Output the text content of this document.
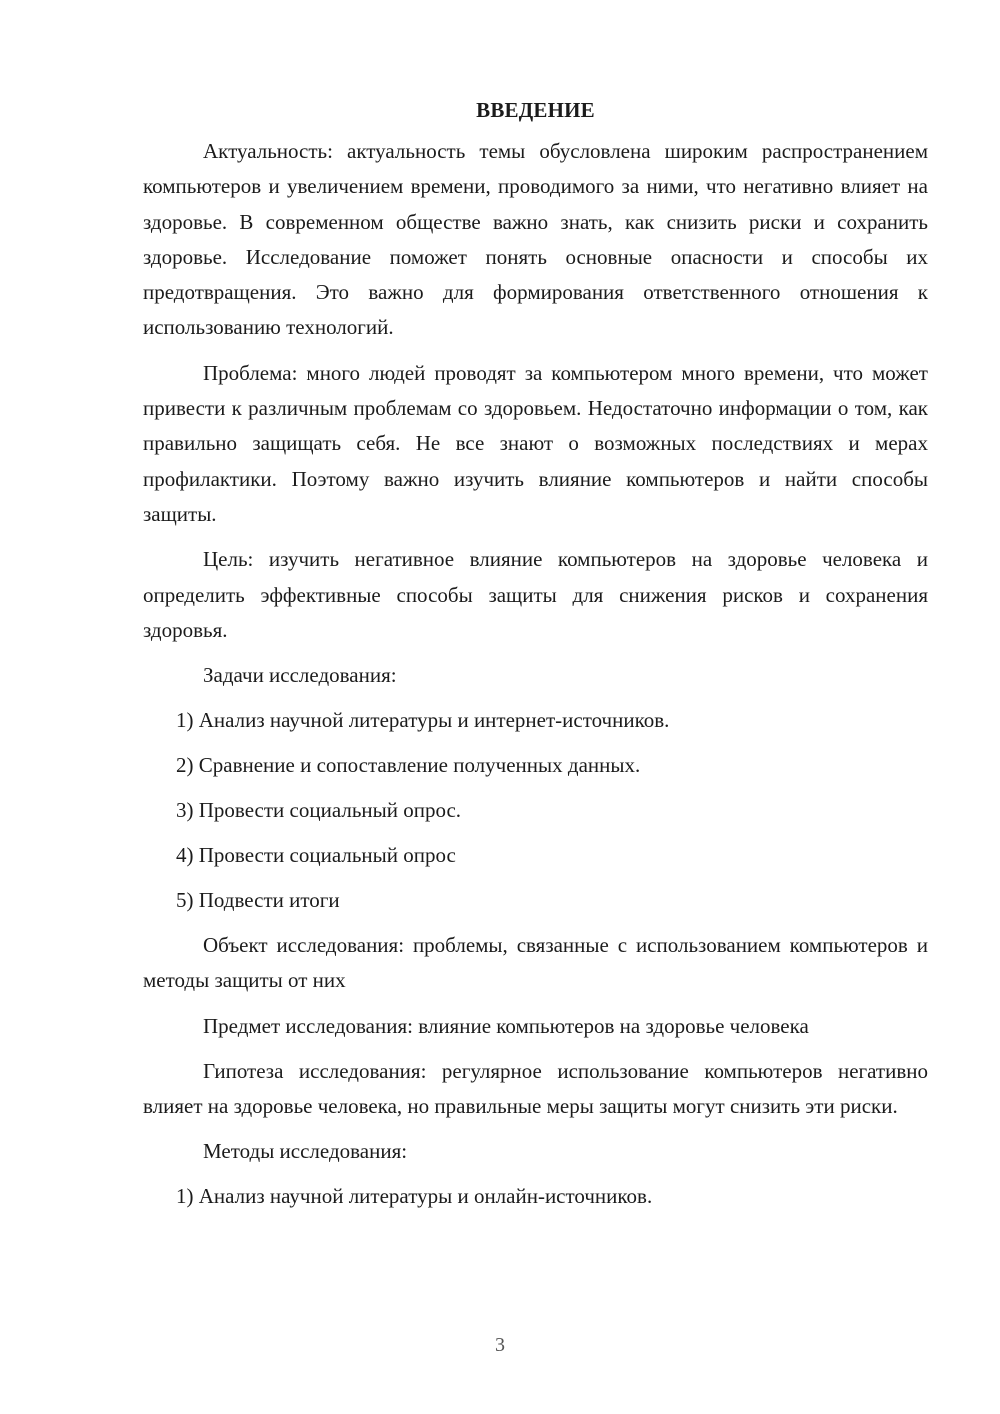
ВВЕДЕНИЕ

Актуальность: актуальность темы обусловлена широким распространением компьютеров и увеличением времени, проводимого за ними, что негативно влияет на здоровье. В современном обществе важно знать, как снизить риски и сохранить здоровье. Исследование поможет понять основные опасности и способы их предотвращения. Это важно для формирования ответственного отношения к использованию технологий.

Проблема: много людей проводят за компьютером много времени, что может привести к различным проблемам со здоровьем. Недостаточно информации о том, как правильно защищать себя. Не все знают о возможных последствиях и мерах профилактики. Поэтому важно изучить влияние компьютеров и найти способы защиты.

Цель: изучить негативное влияние компьютеров на здоровье человека и определить эффективные способы защиты для снижения рисков и сохранения здоровья.

Задачи исследования:
1) Анализ научной литературы и интернет-источников.
2) Сравнение и сопоставление полученных данных.
3) Провести социальный опрос.
4) Провести социальный опрос
5) Подвести итоги

Объект исследования: проблемы, связанные с использованием компьютеров и методы защиты от них

Предмет исследования: влияние компьютеров на здоровье человека

Гипотеза исследования: регулярное использование компьютеров негативно влияет на здоровье человека, но правильные меры защиты могут снизить эти риски.

Методы исследования:
1) Анализ научной литературы и онлайн-источников.
3
